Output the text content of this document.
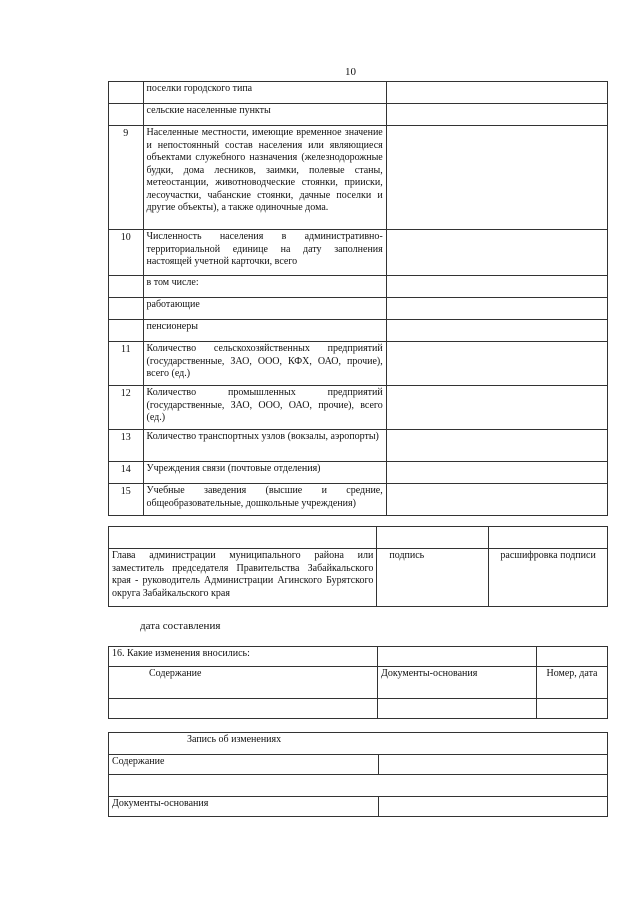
10
	поселки городского типа	
	сельские населенные пункты	
9	Населенные местности, имеющие временное значение и непостоянный состав населения или являющиеся объектами служебного назначения (железнодорожные будки, дома лесников, заимки, полевые станы, метеостанции, животноводческие стоянки, прииски, лесоучастки, чабанские стоянки, дачные поселки и другие объекты), а также одиночные дома.	
10	Численность населения в административно-территориальной единице на дату заполнения настоящей учетной карточки, всего	
	в том числе:	
	работающие	
	пенсионеры	
11	Количество сельскохозяйственных предприятий (государственные, ЗАО, ООО, КФХ, ОАО, прочие), всего (ед.)	
12	Количество промышленных предприятий (государственные, ЗАО, ООО, ОАО, прочие), всего (ед.)	
13	Количество транспортных узлов (вокзалы, аэропорты)	
14	Учреждения связи (почтовые отделения)	
15	Учебные заведения (высшие и средние, общеобразовательные, дошкольные учреждения)	

Глава администрации муниципального района или заместитель председателя Правительства Забайкальского края - руководитель Администрации Агинского Бурятского округа Забайкальского края	подпись	расшифровка подписи
дата составления
16. Какие изменения вносились:		
Содержание	Документы-основания	Номер, дата

Запись об изменениях	
Содержание	

Документы-основания	
